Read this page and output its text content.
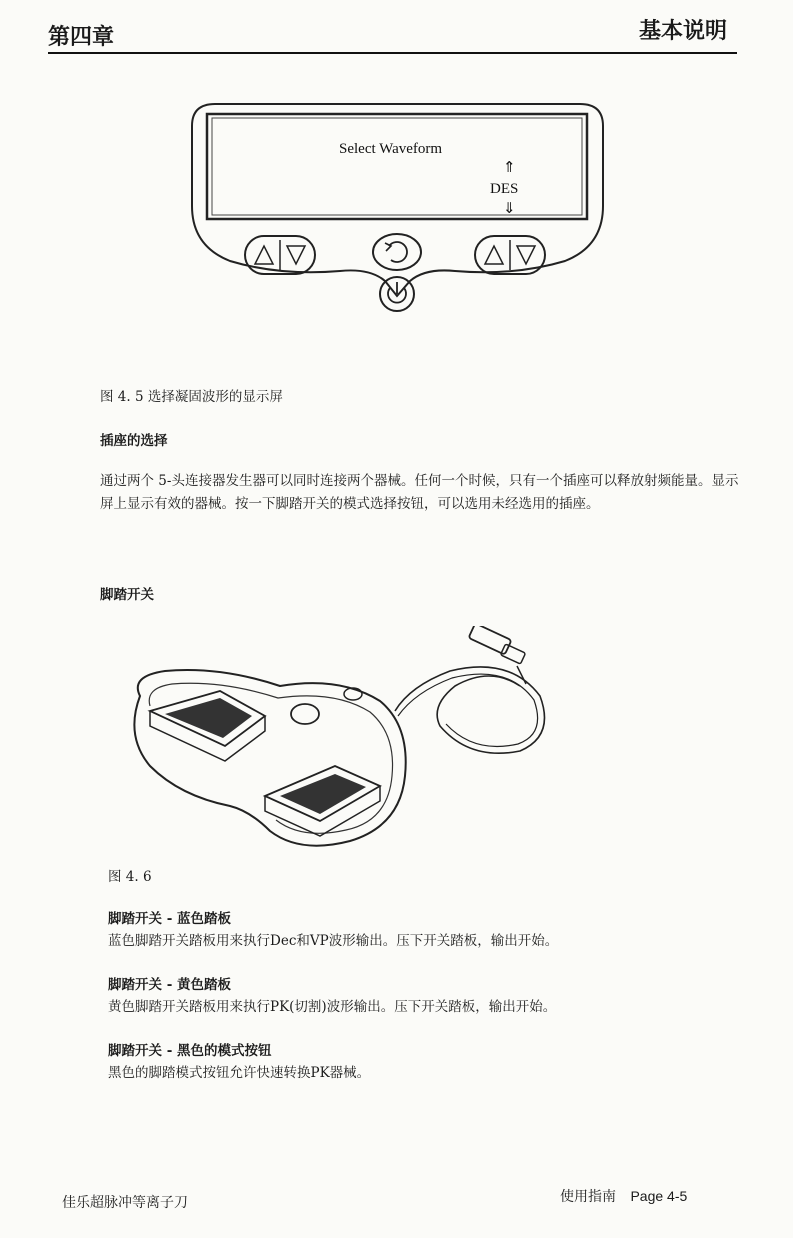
第四章	基本说明
Select Waveform
⇑
DES
⇓
图 4. 5 选择凝固波形的显示屏
插座的选择
通过两个 5-头连接器发生器可以同时连接两个器械。任何一个时候，只有一个插座可以释放射频能量。显示屏上显示有效的器械。按一下脚踏开关的模式选择按钮，可以选用未经选用的插座。
脚踏开关
图 4. 6
脚踏开关 - 蓝色踏板
蓝色脚踏开关踏板用来执行Dec和VP波形输出。压下开关踏板，输出开始。
脚踏开关 - 黄色踏板
黄色脚踏开关踏板用来执行PK(切割)波形输出。压下开关踏板，输出开始。
脚踏开关 - 黑色的模式按钮
黑色的脚踏模式按钮允许快速转换PK器械。
佳乐超脉冲等离子刀	使用指南 Page 4-5
